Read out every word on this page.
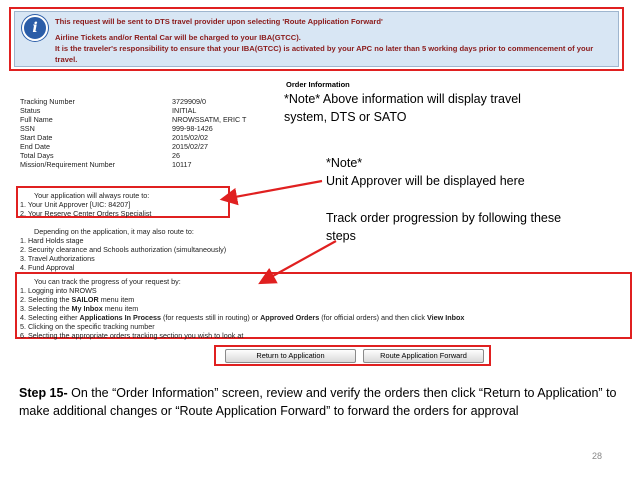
i	This request will be sent to DTS travel provider upon selecting 'Route Application Forward'
Airline Tickets and/or Rental Car will be charged to your IBA(GTCC).
It is the traveler's responsibility to ensure that your IBA(GTCC) is activated by your APC no later than 5 working days prior to commencement of your
travel.
Order Information
Tracking Number	3729909/0
Status	INITIAL
Full Name	NROWSSATM, ERIC T
SSN	999-98-1426
Start Date	2015/02/02
End Date	2015/02/27
Total Days	26
Mission/Requirement Number	10117
*Note* Above information will display travel
system, DTS or SATO
*Note*
Unit Approver will be displayed here
Track order progression by following these
steps
Your application will always route to:
1. Your Unit Approver [UIC: 84207]
2. Your Reserve Center Orders Specialist
Depending on the application, it may also route to:
1. Hard Holds stage
2. Security clearance and Schools authorization (simultaneously)
3. Travel Authorizations
4. Fund Approval
You can track the progress of your request by:
1. Logging into NROWS
2. Selecting the SAILOR menu item
3. Selecting the My Inbox menu item
4. Selecting either Applications In Process (for requests still in routing) or Approved Orders (for official orders) and then click View Inbox
5. Clicking on the specific tracking number
6. Selecting the appropriate orders tracking section you wish to look at
Return to Application	Route Application Forward
Step 15- On the “Order Information” screen, review and verify the orders then click “Return to Application” to make additional changes or “Route Application Forward” to forward the orders for approval
28
